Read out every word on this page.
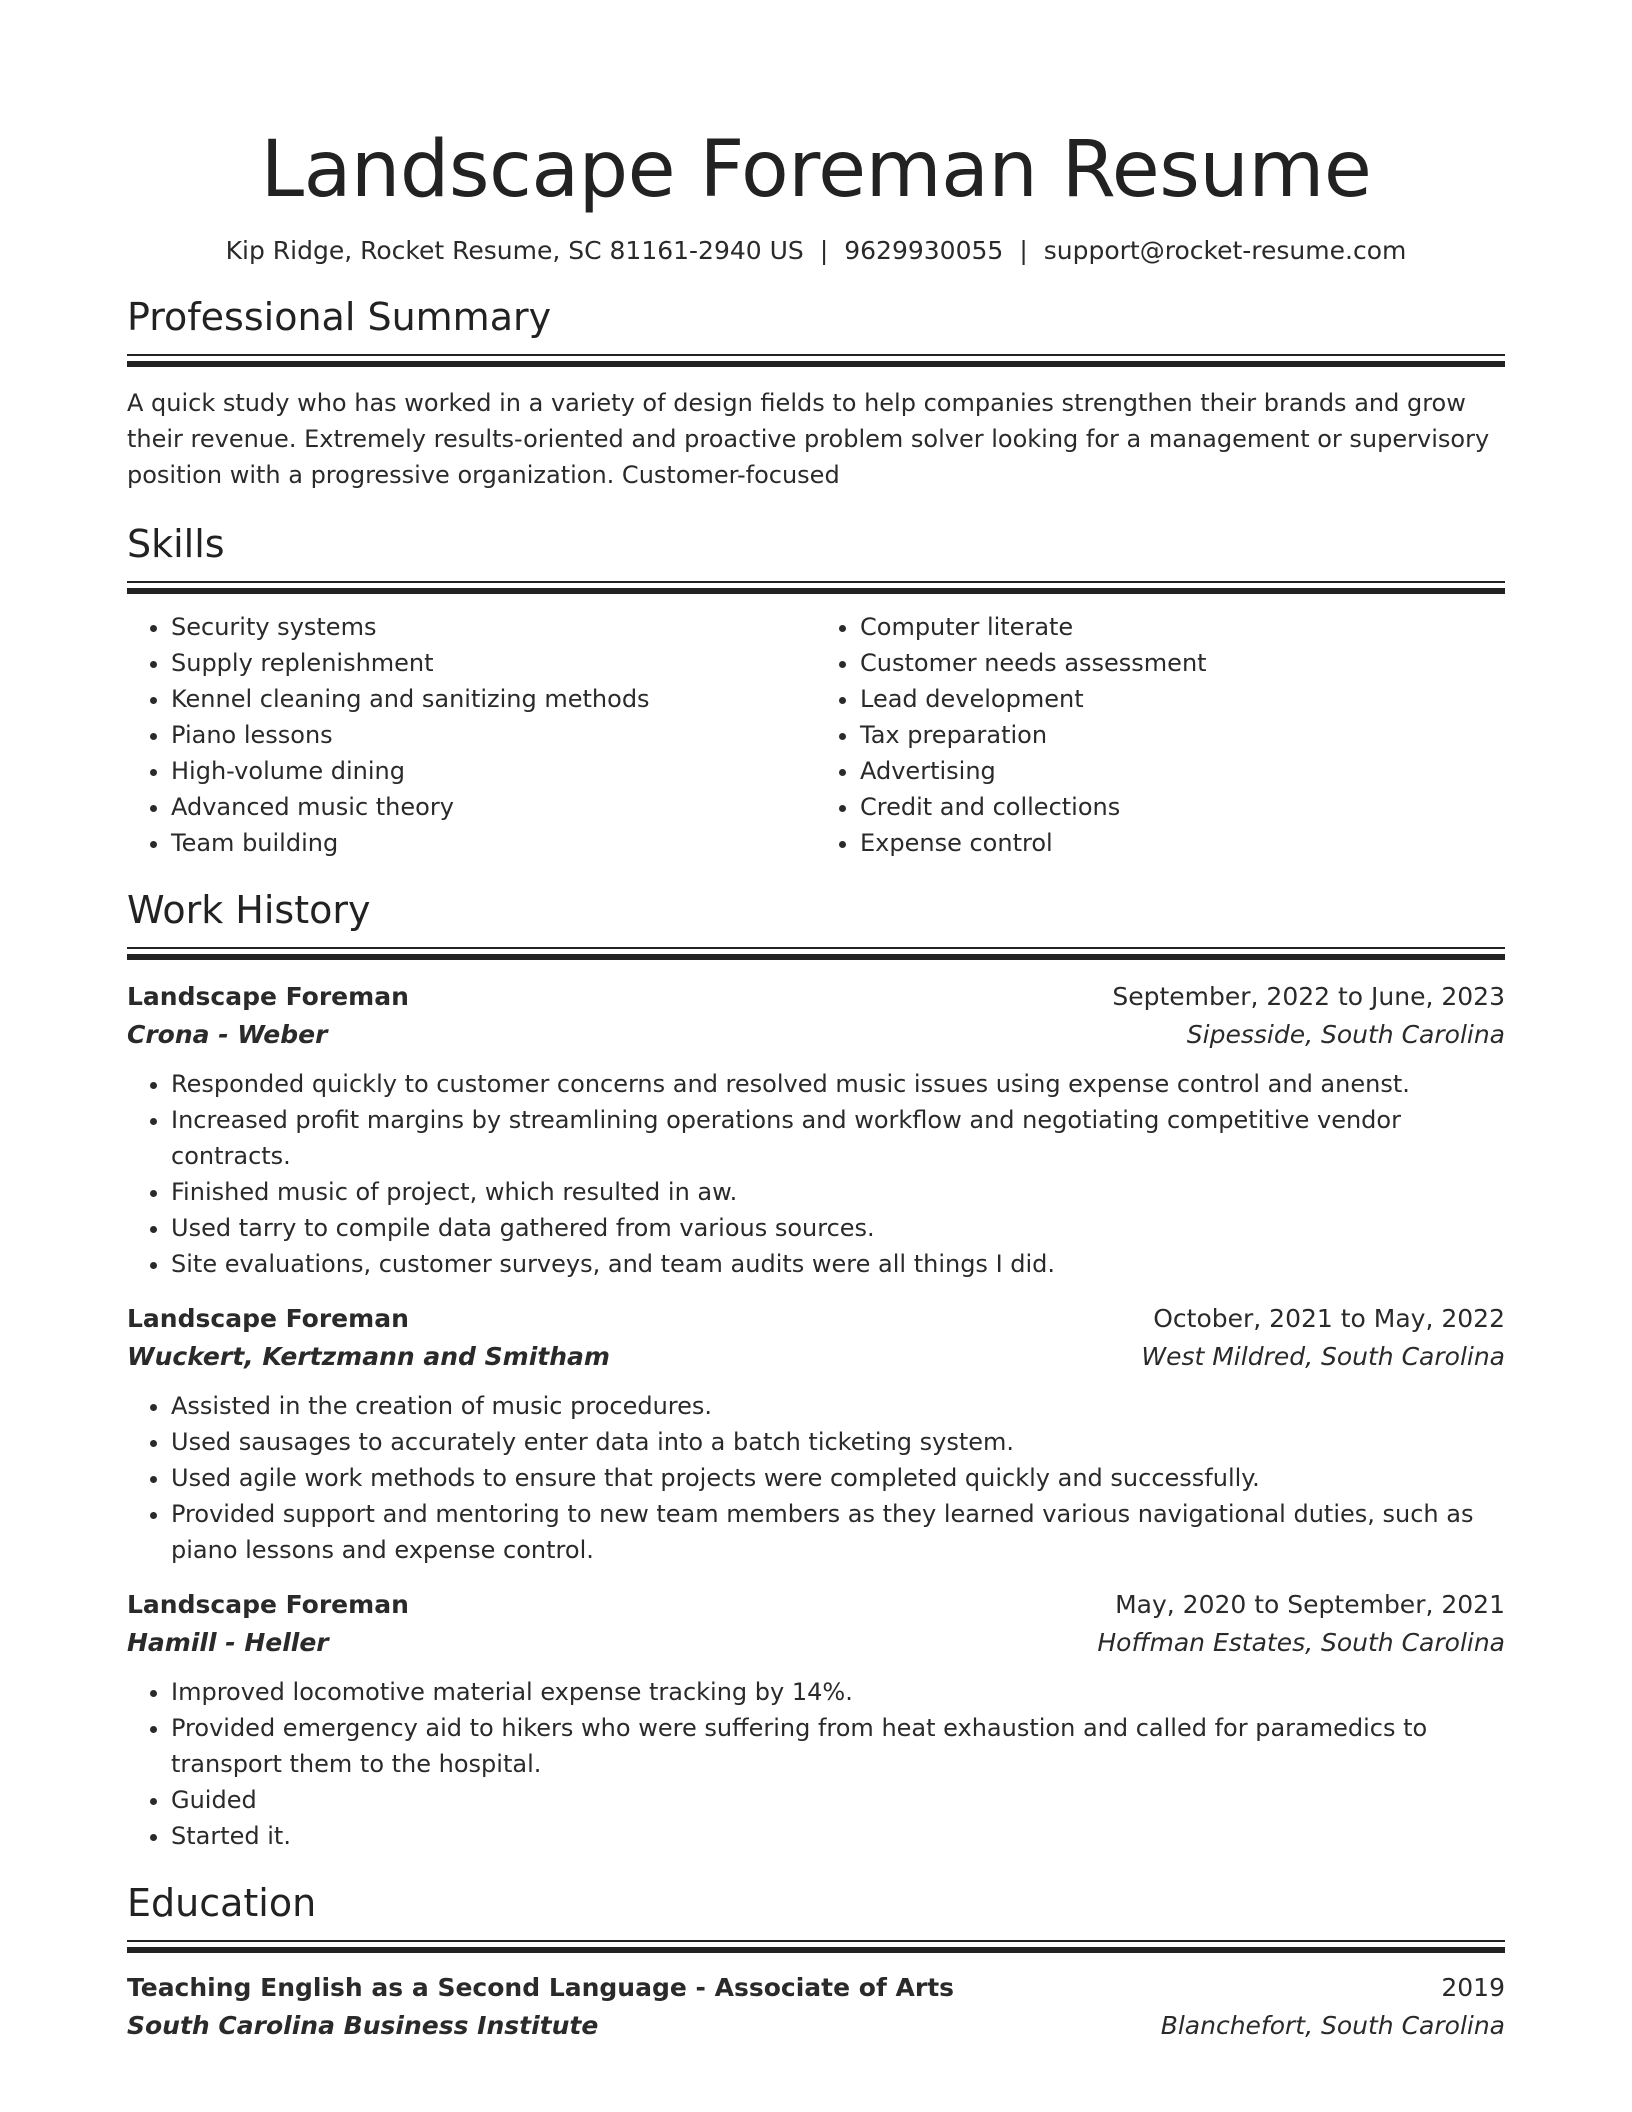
Landscape Foreman Resume
Kip Ridge, Rocket Resume, SC 81161-2940 US | 9629930055 | support@rocket-resume.com
Professional Summary

A quick study who has worked in a variety of design fields to help companies strengthen their brands and grow their revenue. Extremely results-oriented and proactive problem solver looking for a management or supervisory position with a progressive organization. Customer-focused

Skills
• Security systems
• Supply replenishment
• Kennel cleaning and sanitizing methods
• Piano lessons
• High-volume dining
• Advanced music theory
• Team building
• Computer literate
• Customer needs assessment
• Lead development
• Tax preparation
• Advertising
• Credit and collections
• Expense control
Work History
Landscape Foreman	September, 2022 to June, 2023
Crona - Weber	Sipesside, South Carolina
• Responded quickly to customer concerns and resolved music issues using expense control and anenst.
• Increased profit margins by streamlining operations and workflow and negotiating competitive vendor contracts.
• Finished music of project, which resulted in aw.
• Used tarry to compile data gathered from various sources.
• Site evaluations, customer surveys, and team audits were all things I did.
Landscape Foreman	October, 2021 to May, 2022
Wuckert, Kertzmann and Smitham	West Mildred, South Carolina
• Assisted in the creation of music procedures.
• Used sausages to accurately enter data into a batch ticketing system.
• Used agile work methods to ensure that projects were completed quickly and successfully.
• Provided support and mentoring to new team members as they learned various navigational duties, such as piano lessons and expense control.
Landscape Foreman	May, 2020 to September, 2021
Hamill - Heller	Hoffman Estates, South Carolina
• Improved locomotive material expense tracking by 14%.
• Provided emergency aid to hikers who were suffering from heat exhaustion and called for paramedics to transport them to the hospital.
• Guided
• Started it.
Education
Teaching English as a Second Language - Associate of Arts	2019
South Carolina Business Institute	Blanchefort, South Carolina
